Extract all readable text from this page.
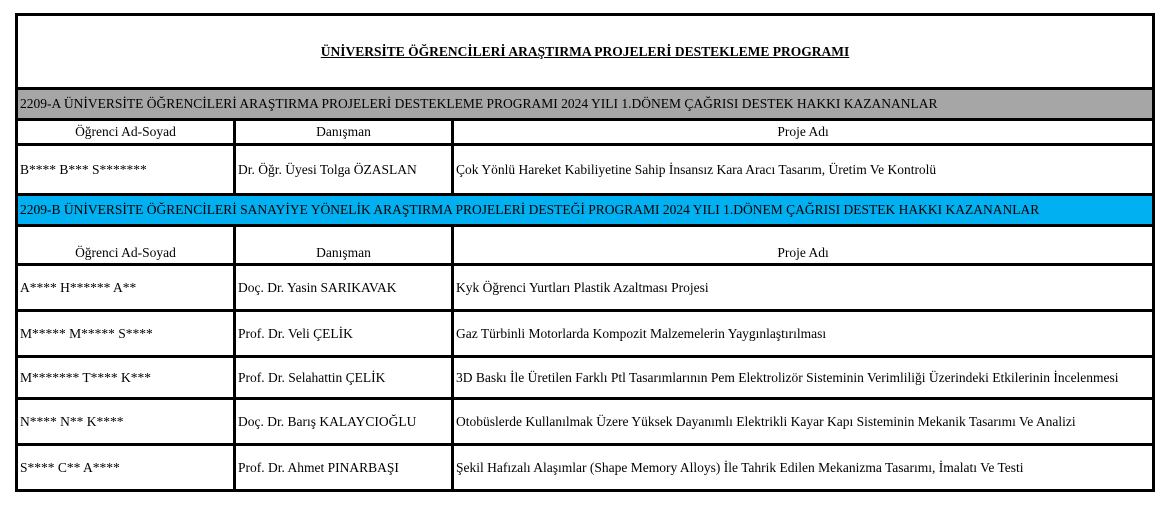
ÜNİVERSİTE ÖĞRENCİLERİ ARAŞTIRMA PROJELERİ DESTEKLEME PROGRAMI		
2209-A ÜNİVERSİTE ÖĞRENCİLERİ ARAŞTIRMA PROJELERİ DESTEKLEME PROGRAMI 2024 YILI 1.DÖNEM ÇAĞRISI DESTEK HAKKI KAZANANLAR		
Öğrenci Ad-Soyad	Danışman	Proje Adı
B**** B*** S*******	Dr. Öğr. Üyesi Tolga ÖZASLAN	Çok Yönlü Hareket Kabiliyetine Sahip İnsansız Kara Aracı Tasarım, Üretim Ve Kontrolü
2209-B ÜNİVERSİTE ÖĞRENCİLERİ SANAYİYE YÖNELİK ARAŞTIRMA PROJELERİ DESTEĞİ PROGRAMI 2024 YILI 1.DÖNEM ÇAĞRISI DESTEK HAKKI KAZANANLAR		
Öğrenci Ad-Soyad	Danışman	Proje Adı
A**** H****** A**	Doç. Dr. Yasin SARIKAVAK	Kyk Öğrenci Yurtları Plastik Azaltması Projesi
M***** M***** S****	Prof. Dr. Veli ÇELİK	Gaz Türbinli Motorlarda Kompozit Malzemelerin Yaygınlaştırılması
M******* T**** K***	Prof. Dr. Selahattin ÇELİK	3D Baskı İle Üretilen Farklı Ptl Tasarımlarının Pem Elektrolizör Sisteminin Verimliliği Üzerindeki Etkilerinin İncelenmesi
N**** N** K****	Doç. Dr. Barış KALAYCIOĞLU	Otobüslerde Kullanılmak Üzere Yüksek Dayanımlı Elektrikli Kayar Kapı Sisteminin Mekanik Tasarımı Ve Analizi
S**** C** A****	Prof. Dr. Ahmet PINARBAŞI	Şekil Hafızalı Alaşımlar (Shape Memory Alloys) İle Tahrik Edilen Mekanizma Tasarımı, İmalatı Ve Testi
